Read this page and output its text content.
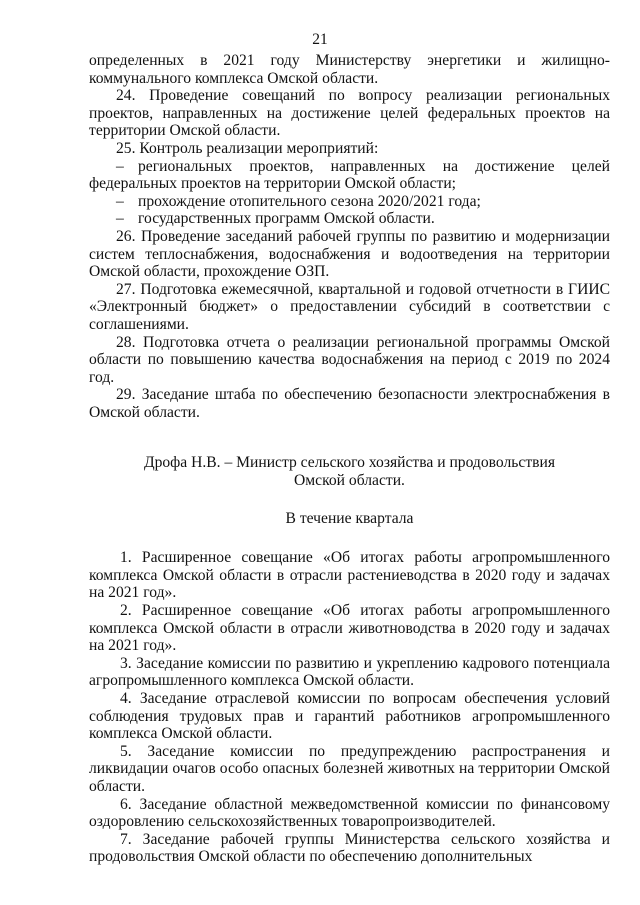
21

определенных в 2021 году Министерству энергетики и жилищно-коммунального комплекса Омской области.

24. Проведение совещаний по вопросу реализации региональных проектов, направленных на достижение целей федеральных проектов на территории Омской области.

25. Контроль реализации мероприятий:

– региональных проектов, направленных на достижение целей федеральных проектов на территории Омской области;

– прохождение отопительного сезона 2020/2021 года;

– государственных программ Омской области.

26. Проведение заседаний рабочей группы по развитию и модернизации систем теплоснабжения, водоснабжения и водоотведения на территории Омской области, прохождение ОЗП.

27. Подготовка ежемесячной, квартальной и годовой отчетности в ГИИС «Электронный бюджет» о предоставлении субсидий в соответствии с соглашениями.

28. Подготовка отчета о реализации региональной программы Омской области по повышению качества водоснабжения на период с 2019 по 2024 год.

29. Заседание штаба по обеспечению безопасности электроснабжения в Омской области.

Дрофа Н.В. – Министр сельского хозяйства и продовольствия

Омской области.

В течение квартала

1. Расширенное совещание «Об итогах работы агропромышленного комплекса Омской области в отрасли растениеводства в 2020 году и задачах на 2021 год».

2. Расширенное совещание «Об итогах работы агропромышленного комплекса Омской области в отрасли животноводства в 2020 году и задачах на 2021 год».

3. Заседание комиссии по развитию и укреплению кадрового потенциала агропромышленного комплекса Омской области.

4. Заседание отраслевой комиссии по вопросам обеспечения условий соблюдения трудовых прав и гарантий работников агропромышленного комплекса Омской области.

5. Заседание комиссии по предупреждению распространения и ликвидации очагов особо опасных болезней животных на территории Омской области.

6. Заседание областной межведомственной комиссии по финансовому оздоровлению сельскохозяйственных товаропроизводителей.

7. Заседание рабочей группы Министерства сельского хозяйства и продовольствия Омской области по обеспечению дополнительных
